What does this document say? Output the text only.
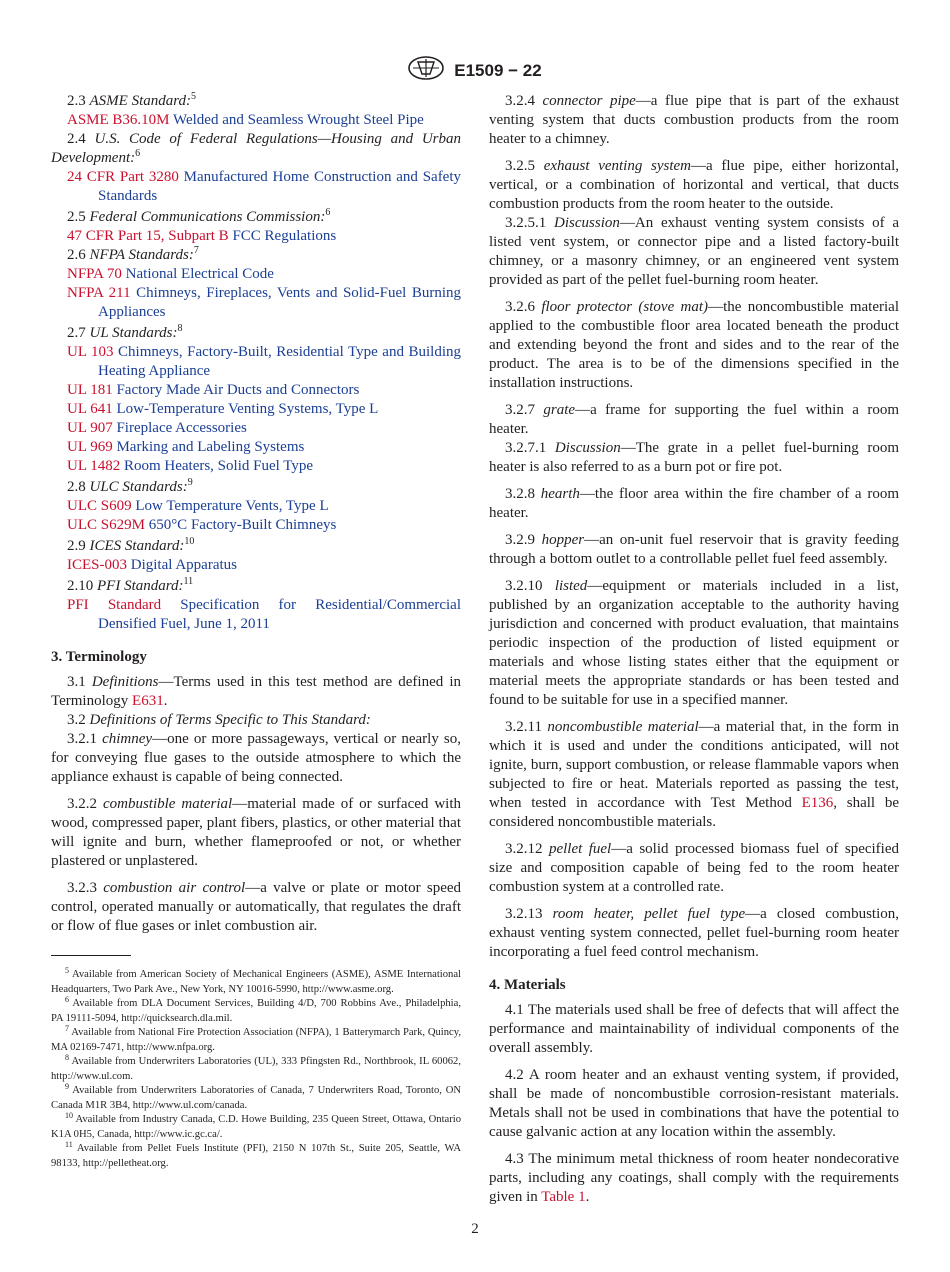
E1509 − 22

2.3 ASME Standard:$^5$

ASME B36.10M Welded and Seamless Wrought Steel Pipe

2.4 U.S. Code of Federal Regulations—Housing and Urban Development:$^6$

24 CFR Part 3280 Manufactured Home Construction and Safety Standards

2.5 Federal Communications Commission:$^6$

47 CFR Part 15, Subpart B FCC Regulations

2.6 NFPA Standards:$^7$

NFPA 70 National Electrical Code

NFPA 211 Chimneys, Fireplaces, Vents and Solid-Fuel Burning Appliances

2.7 UL Standards:$^8$

UL 103 Chimneys, Factory-Built, Residential Type and Building Heating Appliance

UL 181 Factory Made Air Ducts and Connectors

UL 641 Low-Temperature Venting Systems, Type L

UL 907 Fireplace Accessories

UL 969 Marking and Labeling Systems

UL 1482 Room Heaters, Solid Fuel Type

2.8 ULC Standards:$^9$

ULC S609 Low Temperature Vents, Type L

ULC S629M 650°C Factory-Built Chimneys

2.9 ICES Standard:$^{10}$

ICES-003 Digital Apparatus

2.10 PFI Standard:$^{11}$

PFI Standard Specification for Residential/Commercial Densified Fuel, June 1, 2011

3. Terminology

3.1 Definitions—Terms used in this test method are defined in Terminology E631.

3.2 Definitions of Terms Specific to This Standard:

3.2.1 chimney—one or more passageways, vertical or nearly so, for conveying flue gases to the outside atmosphere to which the appliance exhaust is capable of being connected.

3.2.2 combustible material—material made of or surfaced with wood, compressed paper, plant fibers, plastics, or other material that will ignite and burn, whether flameproofed or not, or whether plastered or unplastered.

3.2.3 combustion air control—a valve or plate or motor speed control, operated manually or automatically, that regulates the draft or flow of flue gases or inlet combustion air.

$^5$ Available from American Society of Mechanical Engineers (ASME), ASME International Headquarters, Two Park Ave., New York, NY 10016-5990, http://www.asme.org.

$^6$ Available from DLA Document Services, Building 4/D, 700 Robbins Ave., Philadelphia, PA 19111-5094, http://quicksearch.dla.mil.

$^7$ Available from National Fire Protection Association (NFPA), 1 Batterymarch Park, Quincy, MA 02169-7471, http://www.nfpa.org.

$^8$ Available from Underwriters Laboratories (UL), 333 Pfingsten Rd., Northbrook, IL 60062, http://www.ul.com.

$^9$ Available from Underwriters Laboratories of Canada, 7 Underwriters Road, Toronto, ON Canada M1R 3B4, http://www.ul.com/canada.

$^{10}$ Available from Industry Canada, C.D. Howe Building, 235 Queen Street, Ottawa, Ontario K1A 0H5, Canada, http://www.ic.gc.ca/.

$^{11}$ Available from Pellet Fuels Institute (PFI), 2150 N 107th St., Suite 205, Seattle, WA 98133, http://pelletheat.org.

3.2.4 connector pipe—a flue pipe that is part of the exhaust venting system that ducts combustion products from the room heater to a chimney.

3.2.5 exhaust venting system—a flue pipe, either horizontal, vertical, or a combination of horizontal and vertical, that ducts combustion products from the room heater to the outside.

3.2.5.1 Discussion—An exhaust venting system consists of a listed vent system, or connector pipe and a listed factory-built chimney, or a masonry chimney, or an engineered vent system provided as part of the pellet fuel-burning room heater.

3.2.6 floor protector (stove mat)—the noncombustible material applied to the combustible floor area located beneath the product and extending beyond the front and sides and to the rear of the product. The area is to be of the dimensions specified in the installation instructions.

3.2.7 grate—a frame for supporting the fuel within a room heater.

3.2.7.1 Discussion—The grate in a pellet fuel-burning room heater is also referred to as a burn pot or fire pot.

3.2.8 hearth—the floor area within the fire chamber of a room heater.

3.2.9 hopper—an on-unit fuel reservoir that is gravity feeding through a bottom outlet to a controllable pellet fuel feed assembly.

3.2.10 listed—equipment or materials included in a list, published by an organization acceptable to the authority having jurisdiction and concerned with product evaluation, that maintains periodic inspection of the production of listed equipment or materials and whose listing states either that the equipment or material meets the appropriate standards or has been tested and found to be suitable for use in a specified manner.

3.2.11 noncombustible material—a material that, in the form in which it is used and under the conditions anticipated, will not ignite, burn, support combustion, or release flammable vapors when subjected to fire or heat. Materials reported as passing the test, when tested in accordance with Test Method E136, shall be considered noncombustible materials.

3.2.12 pellet fuel—a solid processed biomass fuel of specified size and composition capable of being fed to the room heater combustion system at a controlled rate.

3.2.13 room heater, pellet fuel type—a closed combustion, exhaust venting system connected, pellet fuel-burning room heater incorporating a fuel feed control mechanism.

4. Materials

4.1 The materials used shall be free of defects that will affect the performance and maintainability of individual components of the overall assembly.

4.2 A room heater and an exhaust venting system, if provided, shall be made of noncombustible corrosion-resistant materials. Metals shall not be used in combinations that have the potential to cause galvanic action at any location within the assembly.

4.3 The minimum metal thickness of room heater nondecorative parts, including any coatings, shall comply with the requirements given in Table 1.

2
